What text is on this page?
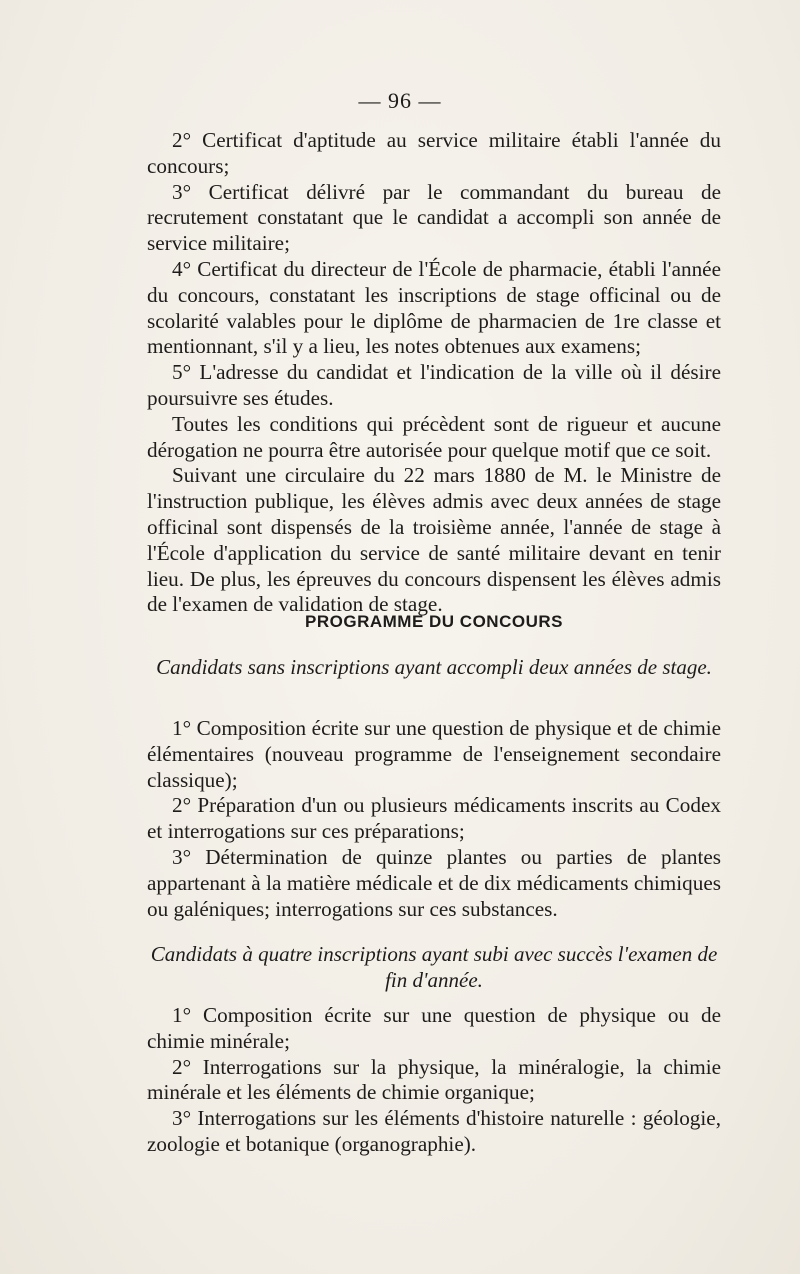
— 96 —

2° Certificat d'aptitude au service militaire établi l'année du concours;

3° Certificat délivré par le commandant du bureau de recrutement constatant que le candidat a accompli son année de service militaire;

4° Certificat du directeur de l'École de pharmacie, établi l'année du concours, constatant les inscriptions de stage officinal ou de scolarité valables pour le diplôme de pharmacien de 1re classe et mentionnant, s'il y a lieu, les notes obtenues aux examens;

5° L'adresse du candidat et l'indication de la ville où il désire poursuivre ses études.

Toutes les conditions qui précèdent sont de rigueur et aucune dérogation ne pourra être autorisée pour quelque motif que ce soit.

Suivant une circulaire du 22 mars 1880 de M. le Ministre de l'instruction publique, les élèves admis avec deux années de stage officinal sont dispensés de la troisième année, l'année de stage à l'École d'application du service de santé militaire devant en tenir lieu. De plus, les épreuves du concours dispensent les élèves admis de l'examen de validation de stage.

PROGRAMME DU CONCOURS
Candidats sans inscriptions ayant accompli deux années de stage.

1° Composition écrite sur une question de physique et de chimie élémentaires (nouveau programme de l'enseignement secondaire classique);

2° Préparation d'un ou plusieurs médicaments inscrits au Codex et interrogations sur ces préparations;

3° Détermination de quinze plantes ou parties de plantes appartenant à la matière médicale et de dix médicaments chimiques ou galéniques; interrogations sur ces substances.

Candidats à quatre inscriptions ayant subi avec succès l'examen de fin d'année.

1° Composition écrite sur une question de physique ou de chimie minérale;

2° Interrogations sur la physique, la minéralogie, la chimie minérale et les éléments de chimie organique;

3° Interrogations sur les éléments d'histoire naturelle : géologie, zoologie et botanique (organographie).
